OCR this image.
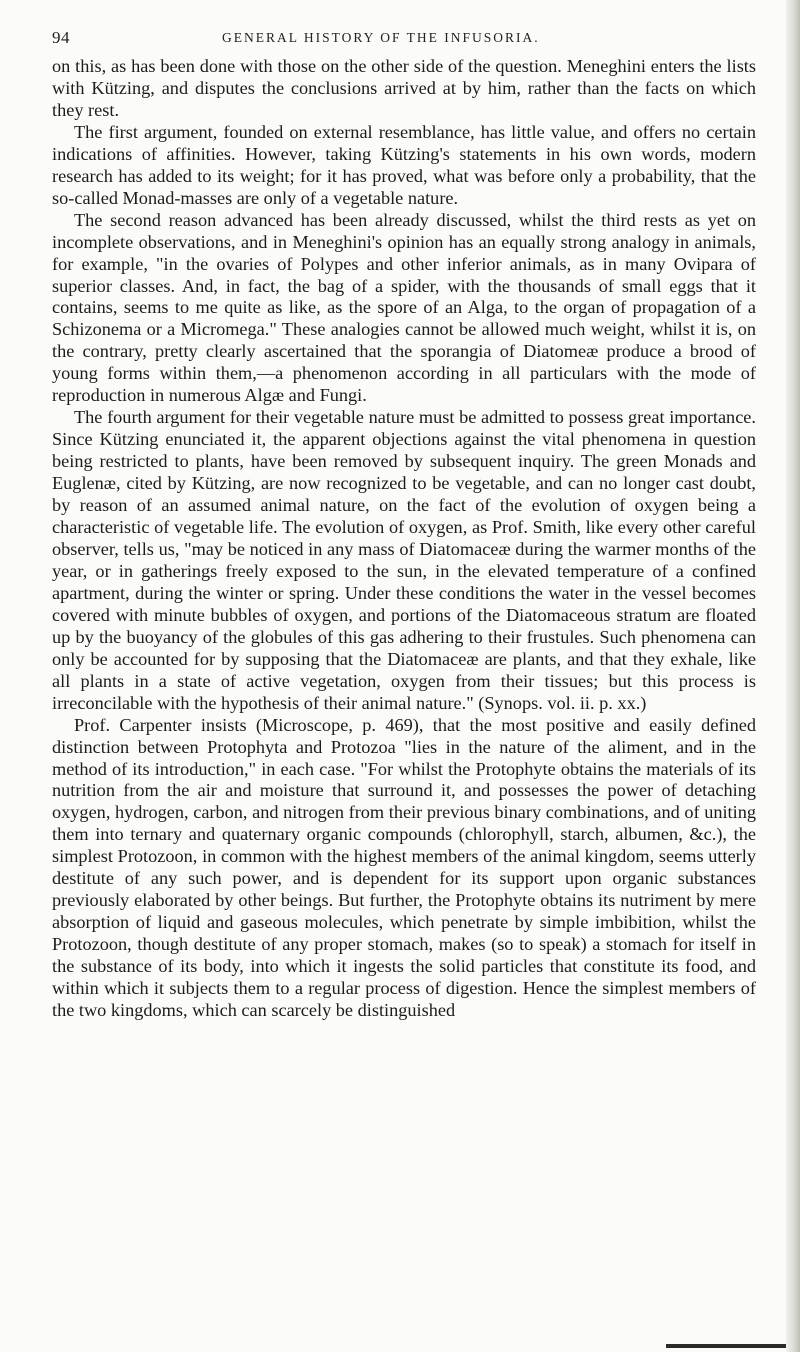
94	GENERAL HISTORY OF THE INFUSORIA.

on this, as has been done with those on the other side of the question. Meneghini enters the lists with Kützing, and disputes the conclusions arrived at by him, rather than the facts on which they rest.

The first argument, founded on external resemblance, has little value, and offers no certain indications of affinities. However, taking Kützing's statements in his own words, modern research has added to its weight; for it has proved, what was before only a probability, that the so-called Monad-masses are only of a vegetable nature.

The second reason advanced has been already discussed, whilst the third rests as yet on incomplete observations, and in Meneghini's opinion has an equally strong analogy in animals, for example, "in the ovaries of Polypes and other inferior animals, as in many Ovipara of superior classes. And, in fact, the bag of a spider, with the thousands of small eggs that it contains, seems to me quite as like, as the spore of an Alga, to the organ of propagation of a Schizonema or a Micromega." These analogies cannot be allowed much weight, whilst it is, on the contrary, pretty clearly ascertained that the sporangia of Diatomeæ produce a brood of young forms within them,—a phenomenon according in all particulars with the mode of reproduction in numerous Algæ and Fungi.

The fourth argument for their vegetable nature must be admitted to possess great importance. Since Kützing enunciated it, the apparent objections against the vital phenomena in question being restricted to plants, have been removed by subsequent inquiry. The green Monads and Euglenæ, cited by Kützing, are now recognized to be vegetable, and can no longer cast doubt, by reason of an assumed animal nature, on the fact of the evolution of oxygen being a characteristic of vegetable life. The evolution of oxygen, as Prof. Smith, like every other careful observer, tells us, "may be noticed in any mass of Diatomaceæ during the warmer months of the year, or in gatherings freely exposed to the sun, in the elevated temperature of a confined apartment, during the winter or spring. Under these conditions the water in the vessel becomes covered with minute bubbles of oxygen, and portions of the Diatomaceous stratum are floated up by the buoyancy of the globules of this gas adhering to their frustules. Such phenomena can only be accounted for by supposing that the Diatomaceæ are plants, and that they exhale, like all plants in a state of active vegetation, oxygen from their tissues; but this process is irreconcilable with the hypothesis of their animal nature." (Synops. vol. ii. p. xx.)

Prof. Carpenter insists (Microscope, p. 469), that the most positive and easily defined distinction between Protophyta and Protozoa "lies in the nature of the aliment, and in the method of its introduction," in each case. "For whilst the Protophyte obtains the materials of its nutrition from the air and moisture that surround it, and possesses the power of detaching oxygen, hydrogen, carbon, and nitrogen from their previous binary combinations, and of uniting them into ternary and quaternary organic compounds (chlorophyll, starch, albumen, &c.), the simplest Protozoon, in common with the highest members of the animal kingdom, seems utterly destitute of any such power, and is dependent for its support upon organic substances previously elaborated by other beings. But further, the Protophyte obtains its nutriment by mere absorption of liquid and gaseous molecules, which penetrate by simple imbibition, whilst the Protozoon, though destitute of any proper stomach, makes (so to speak) a stomach for itself in the substance of its body, into which it ingests the solid particles that constitute its food, and within which it subjects them to a regular process of digestion. Hence the simplest members of the two kingdoms, which can scarcely be distinguished
